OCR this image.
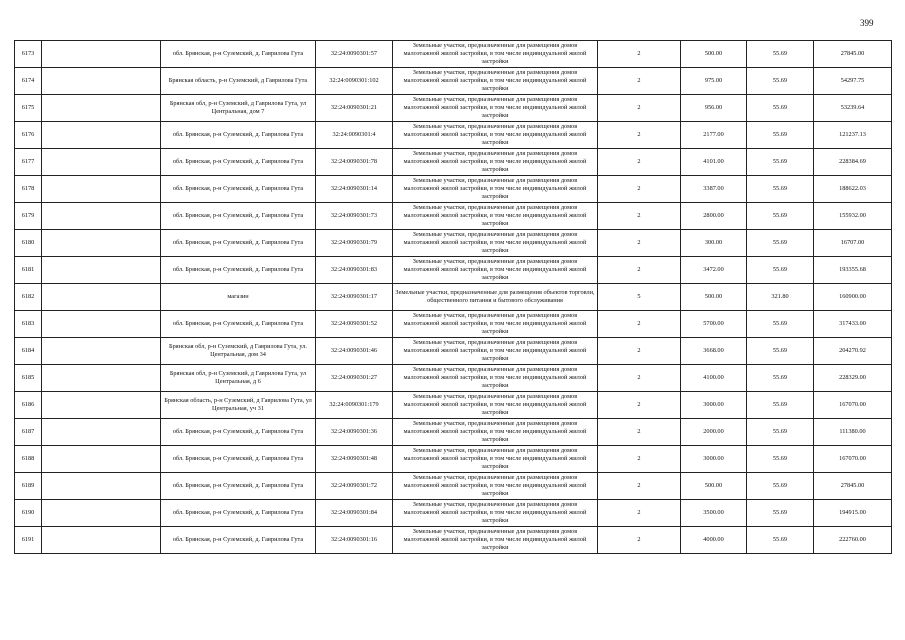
399
6173		обл. Брянская, р-н Суземский, д. Гаврилова Гута	32:24:0090301:57	Земельные участки, предназначенные для размещения домов малоэтажной жилой застройки, в том числе индивидуальной жилой застройки	2	500.00	55.69	27845.00
6174		Брянская область, р-н Суземский, д Гаврилова Гута	32:24:0090301:102	Земельные участки, предназначенные для размещения домов малоэтажной жилой застройки, в том числе индивидуальной жилой застройки	2	975.00	55.69	54297.75
6175		Брянская обл, р-н Суземский, д Гаврилова Гута, ул Центральная, дом 7	32:24:0090301:21	Земельные участки, предназначенные для размещения домов малоэтажной жилой застройки, в том числе индивидуальной жилой застройки	2	956.00	55.69	53239.64
6176		обл. Брянская, р-н Суземский, д. Гаврилова Гута	32:24:0090301:4	Земельные участки, предназначенные для размещения домов малоэтажной жилой застройки, в том числе индивидуальной жилой застройки	2	2177.00	55.69	121237.13
6177		обл. Брянская, р-н Суземский, д. Гаврилова Гута	32:24:0090301:78	Земельные участки, предназначенные для размещения домов малоэтажной жилой застройки, в том числе индивидуальной жилой застройки	2	4101.00	55.69	228384.69
6178		обл. Брянская, р-н Суземский, д. Гаврилова Гута	32:24:0090301:14	Земельные участки, предназначенные для размещения домов малоэтажной жилой застройки, в том числе индивидуальной жилой застройки	2	3387.00	55.69	188622.03
6179		обл. Брянская, р-н Суземский, д. Гаврилова Гута	32:24:0090301:73	Земельные участки, предназначенные для размещения домов малоэтажной жилой застройки, в том числе индивидуальной жилой застройки	2	2800.00	55.69	155932.00
6180		обл. Брянская, р-н Суземский, д. Гаврилова Гута	32:24:0090301:79	Земельные участки, предназначенные для размещения домов малоэтажной жилой застройки, в том числе индивидуальной жилой застройки	2	300.00	55.69	16707.00
6181		обл. Брянская, р-н Суземский, д. Гаврилова Гута	32:24:0090301:83	Земельные участки, предназначенные для размещения домов малоэтажной жилой застройки, в том числе индивидуальной жилой застройки	2	3472.00	55.69	193355.68
6182		магазин	32:24:0090301:17	Земельные участки, предназначенные для размещения объектов торговли, общественного питания и бытового обслуживания	5	500.00	321.80	160900.00
6183		обл. Брянская, р-н Суземский, д. Гаврилова Гута	32:24:0090301:52	Земельные участки, предназначенные для размещения домов малоэтажной жилой застройки, в том числе индивидуальной жилой застройки	2	5700.00	55.69	317433.00
6184		Брянская обл, р-н Суземский, д Гаврилова Гута, ул. Центральная, дом 34	32:24:0090301:46	Земельные участки, предназначенные для размещения домов малоэтажной жилой застройки, в том числе индивидуальной жилой застройки	2	3668.00	55.69	204270.92
6185		Брянская обл, р-н Суземский, д Гаврилова Гута, ул Центральная, д 6	32:24:0090301:27	Земельные участки, предназначенные для размещения домов малоэтажной жилой застройки, в том числе индивидуальной жилой застройки	2	4100.00	55.69	228329.00
6186		Брянская область, р-н Суземский, д Гаврилова Гута, ул Центральная, уч 31	32:24:0090301:179	Земельные участки, предназначенные для размещения домов малоэтажной жилой застройки, в том числе индивидуальной жилой застройки	2	3000.00	55.69	167070.00
6187		обл. Брянская, р-н Суземский, д. Гаврилова Гута	32:24:0090301:36	Земельные участки, предназначенные для размещения домов малоэтажной жилой застройки, в том числе индивидуальной жилой застройки	2	2000.00	55.69	111380.00
6188		обл. Брянская, р-н Суземский, д. Гаврилова Гута	32:24:0090301:48	Земельные участки, предназначенные для размещения домов малоэтажной жилой застройки, в том числе индивидуальной жилой застройки	2	3000.00	55.69	167070.00
6189		обл. Брянская, р-н Суземский, д. Гаврилова Гута	32:24:0090301:72	Земельные участки, предназначенные для размещения домов малоэтажной жилой застройки, в том числе индивидуальной жилой застройки	2	500.00	55.69	27845.00
6190		обл. Брянская, р-н Суземский, д. Гаврилова Гута	32:24:0090301:84	Земельные участки, предназначенные для размещения домов малоэтажной жилой застройки, в том числе индивидуальной жилой застройки	2	3500.00	55.69	194915.00
6191		обл. Брянская, р-н Суземский, д. Гаврилова Гута	32:24:0090301:16	Земельные участки, предназначенные для размещения домов малоэтажной жилой застройки, в том числе индивидуальной жилой застройки	2	4000.00	55.69	222760.00
